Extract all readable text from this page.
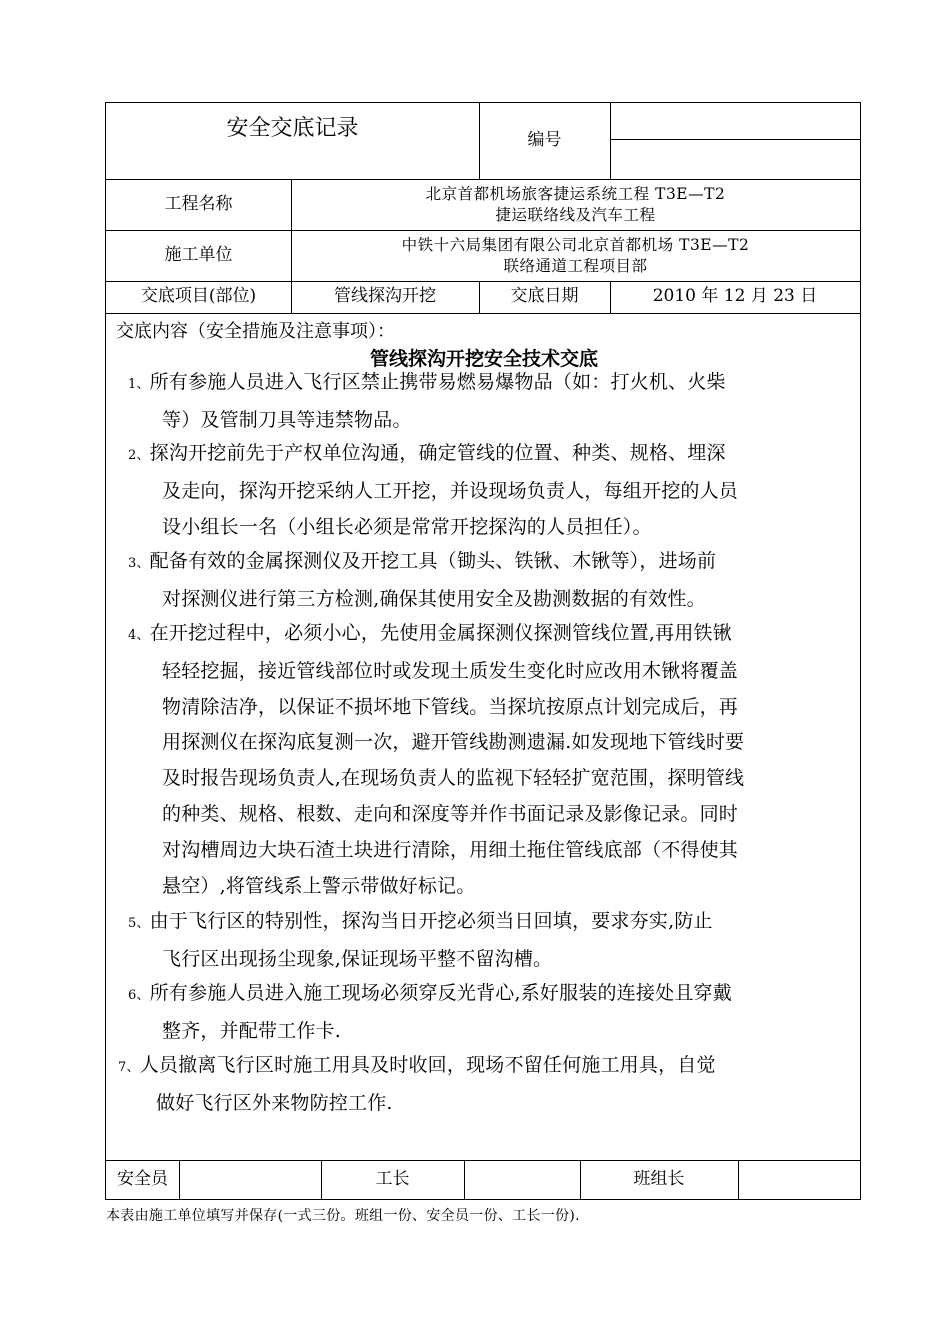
安全交底记录	编号
工程名称
北京首都机场旅客捷运系统工程 T3E—T2
捷运联络线及汽车工程
施工单位
中铁十六局集团有限公司北京首都机场 T3E—T2
联络通道工程项目部
交底项目(部位)	管线探沟开挖	交底日期	2010 年 12 月 23 日
交底内容（安全措施及注意事项）：
管线探沟开挖安全技术交底
1、所有参施人员进入飞行区禁止携带易燃易爆物品（如：打火机、火柴
等）及管制刀具等违禁物品。
2、探沟开挖前先于产权单位沟通，确定管线的位置、种类、规格、埋深
及走向，探沟开挖采纳人工开挖，并设现场负责人，每组开挖的人员
设小组长一名（小组长必须是常常开挖探沟的人员担任）。
3、配备有效的金属探测仪及开挖工具（锄头、铁锹、木锹等），进场前
对探测仪进行第三方检测,确保其使用安全及勘测数据的有效性。
4、在开挖过程中，必须小心，先使用金属探测仪探测管线位置,再用铁锹
轻轻挖掘，接近管线部位时或发现土质发生变化时应改用木锹将覆盖
物清除洁净，以保证不损坏地下管线。当探坑按原点计划完成后，再
用探测仪在探沟底复测一次，避开管线勘测遗漏.如发现地下管线时要
及时报告现场负责人,在现场负责人的监视下轻轻扩宽范围，探明管线
的种类、规格、根数、走向和深度等并作书面记录及影像记录。同时
对沟槽周边大块石渣土块进行清除，用细土拖住管线底部（不得使其
悬空）,将管线系上警示带做好标记。
5、由于飞行区的特别性，探沟当日开挖必须当日回填，要求夯实,防止
飞行区出现扬尘现象,保证现场平整不留沟槽。
6、所有参施人员进入施工现场必须穿反光背心,系好服装的连接处且穿戴
整齐，并配带工作卡.
7、人员撤离飞行区时施工用具及时收回，现场不留任何施工用具，自觉
做好飞行区外来物防控工作.
安全员	工长	班组长
本表由施工单位填写并保存(一式三份。班组一份、安全员一份、工长一份).
